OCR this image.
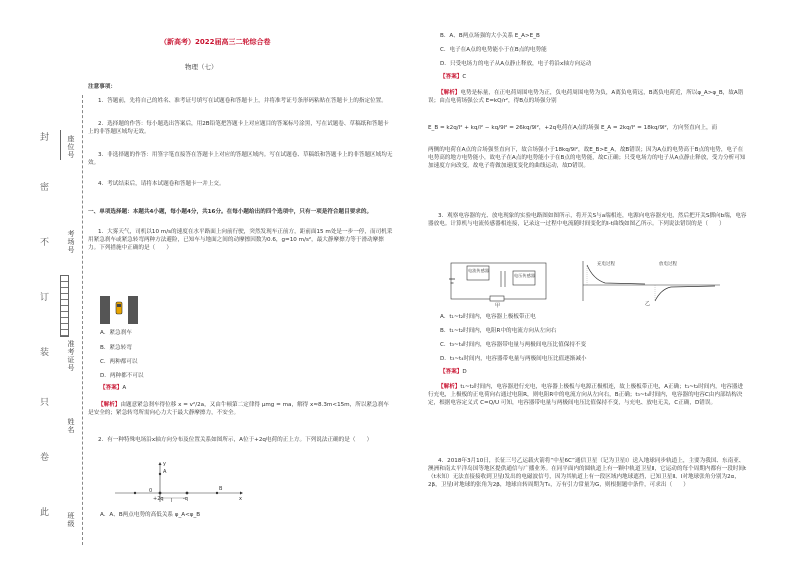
封
密
不
订
装
只
卷
此
座位号
考场号
准考证号
姓名
班级
（新高考）2022届高三二轮综合卷
物理（七）
注意事项：
1．答题前，先将自己的姓名、准考证号填写在试题卷和答题卡上，并将准考证号条形码粘贴在答题卡上的指定位置。
2．选择题的作答：每小题选出答案后，用2B铅笔把答题卡上对应题目的答案标号涂黑，写在试题卷、草稿纸和答题卡上的非答题区域均无效。
3．非选择题的作答：用签字笔直接答在答题卡上对应的答题区域内。写在试题卷、草稿纸和答题卡上的非答题区域均无效。
4．考试结束后，请将本试题卷和答题卡一并上交。
一、单项选择题：本题共4小题，每小题4分，共16分。在每小题给出的四个选项中，只有一项是符合题目要求的。
1．大雾天气，司机以10 m/s的速度在水平路面上向前行驶，突然发现车正前方，距前面15 m处是一步一停，而司机采用紧急刹车或紧急转弯两种方法避险，已知车与地面之间的动摩擦因数为0.6，g=10 m/s²，最大静摩擦力等于滑动摩擦力。下列措施中正确的是（　　）
A．紧急刹车
B．紧急转弯
C．两种都可以
D．两种都不可以
【答案】A
【解析】由题意紧急刹车得位移 x = v²/2a，又由牛顿第二定律得 μmg = ma，解得 x≈8.3m<15m，所以紧急刹车是安全的；紧急转弯所需向心力大于最大静摩擦力，不安全。
2．有一种特殊电场沿x轴方向分布及位置关系如图所示，A位于+2q电荷的正上方。下列说法正确的是（　　）
A
B
+2q	-q
0
x
y
l
A．A、B两点电势的高低关系 φ_A<φ_B
B．A、B两点场强的大小关系 E_A>E_B
C．电子在A点的电势能小于在B点的电势能
D．只受电场力的电子从A点静止释放，电子将沿x轴方向运动
【答案】C
【解析】电势是标量，在正电荷周围电势为正，负电荷周围电势为负，A离负电荷远，B离负电荷近，所以φ_A>φ_B，故A错误；由点电荷场强公式 E=kQ/r²，得B点的场强分别
E_B = k2q/l² + kq/l² − kq/9l² = 26kq/9l²，+2q电荷在A点的场强 E_A = 2kq/l² = 18kq/9l²，方向竖直向上，而
两侧的电荷在A点的合场强竖直向下，故合场强小于18kq/9l²，故E_B>E_A，故B错误；因为A点的电势高于B点的电势，电子在电势高的地方电势能小，故电子在A点的电势能小于在B点的电势能，故C正确；只受电场力的电子从A点静止释放，受力分析可知加速度方向改变，故电子将做加速度变化的曲线运动，故D错误。
3．观察电容器的充、放电现象的实验电路图如图所示，将开关S与a端相连，电源向电容器充电，然后把开关S掷向b端，电容器放电。计算机与电流传感器相连接，记录这一过程中电流随时间变化的I-t曲线如图乙所示。下列说法错误的是（　　）
电流传感器
电压传感器
甲
充电过程	放电过程
乙
A．t₁~t₂时间内，电容器上极板带正电
B．t₁~t₂时间内，电阻R中的电流方向从左向右
C．t₃~t₄时间内，电容器带电量与两极间电压比值保持不变
D．t₃~t₄时间内，电容器带电量与两极间电压比值逐渐减小
【答案】D
【解析】t₁~t₂时间内，电容器进行充电，电容器上极板与电源正极相连，故上极板带正电，A正确；t₁~t₂时间内，电容器进行充电，上极板的正电荷向右通过电阻R，则电阻R中的电流方向从左向右，B正确；t₃~t₄时间内，电容器的电容C由内部结构决定，根据电容定义式 C=Q/U 可知，电容器带电量与两极间电压比值保持不变，与充电、放电无关，C正确，D错误。
4．2018年3月10日，长征三号乙运载火箭将“中星6C”通信卫星（记为卫星Ⅰ）送入地球同步轨道上，主要为我国、东南亚、澳洲和南太平洋岛国等地区提供通信与广播业务。在同平面内的圆轨道上有一颗中轨道卫星Ⅱ，它运动的每个周期内都有一段时间t（t未知）无法直接接收到卫星Ⅰ发出的电磁波信号，因为其轨道上有一段区域内地球遮挡，已知卫星Ⅱ、Ⅰ对地球张角分别为2α，2β，卫星Ⅰ对地球的张角为2β，地球自转周期为T₀，万有引力常量为G，则根据题中条件，可求出（　　）
